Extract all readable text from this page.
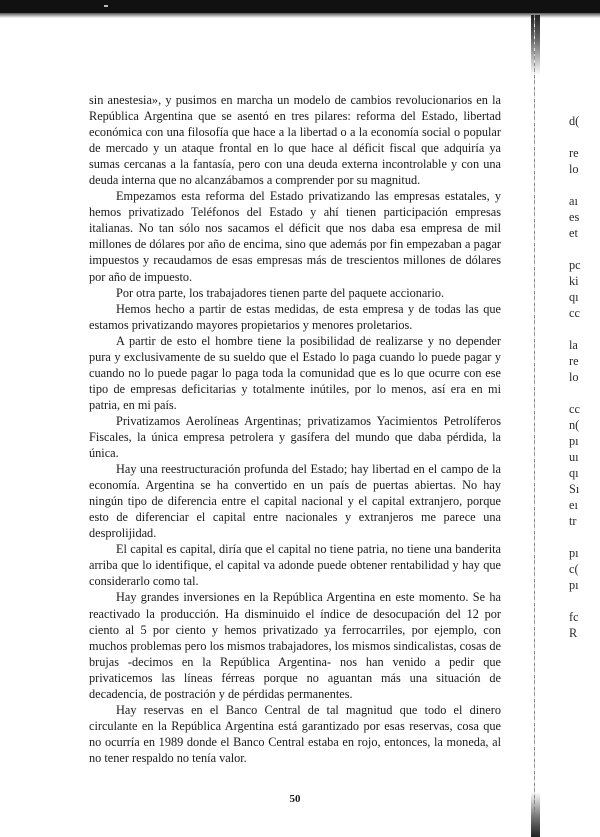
sin anestesia», y pusimos en marcha un modelo de cambios revolucionarios en la República Argentina que se asentó en tres pilares: reforma del Estado, libertad económica con una filosofía que hace a la libertad o a la economía social o popular de mercado y un ataque frontal en lo que hace al déficit fiscal que adquiría ya sumas cercanas a la fantasía, pero con una deuda externa incontrolable y con una deuda interna que no alcanzábamos a comprender por su magnitud.

Empezamos esta reforma del Estado privatizando las empresas estatales, y hemos privatizado Teléfonos del Estado y ahí tienen participación empresas italianas. No tan sólo nos sacamos el déficit que nos daba esa empresa de mil millones de dólares por año de encima, sino que además por fin empezaban a pagar impuestos y recaudamos de esas empresas más de trescientos millones de dólares por año de impuesto.

Por otra parte, los trabajadores tienen parte del paquete accionario.

Hemos hecho a partir de estas medidas, de esta empresa y de todas las que estamos privatizando mayores propietarios y menores proletarios.

A partir de esto el hombre tiene la posibilidad de realizarse y no depender pura y exclusivamente de su sueldo que el Estado lo paga cuando lo puede pagar y cuando no lo puede pagar lo paga toda la comunidad que es lo que ocurre con ese tipo de empresas deficitarias y totalmente inútiles, por lo menos, así era en mi patria, en mi país.

Privatizamos Aerolíneas Argentinas; privatizamos Yacimientos Petrolíferos Fiscales, la única empresa petrolera y gasífera del mundo que daba pérdida, la única.

Hay una reestructuración profunda del Estado; hay libertad en el campo de la economía. Argentina se ha convertido en un país de puertas abiertas. No hay ningún tipo de diferencia entre el capital nacional y el capital extranjero, porque esto de diferenciar el capital entre nacionales y extranjeros me parece una desprolijidad.

El capital es capital, diría que el capital no tiene patria, no tiene una banderita arriba que lo identifique, el capital va adonde puede obtener rentabilidad y hay que considerarlo como tal.

Hay grandes inversiones en la República Argentina en este momento. Se ha reactivado la producción. Ha disminuido el índice de desocupación del 12 por ciento al 5 por ciento y hemos privatizado ya ferrocarriles, por ejemplo, con muchos problemas pero los mismos trabajadores, los mismos sindicalistas, cosas de brujas -decimos en la República Argentina- nos han venido a pedir que privaticemos las líneas férreas porque no aguantan más una situación de decadencia, de postración y de pérdidas permanentes.

Hay reservas en el Banco Central de tal magnitud que todo el dinero circulante en la República Argentina está garantizado por esas reservas, cosa que no ocurría en 1989 donde el Banco Central estaba en rojo, entonces, la moneda, al no tener respaldo no tenía valor.

50
d(
re
lo
aı
es
et
pc
ki
qı
cc
la
re
lo
cc
n(
pı
uı
qı
Sı
eı
tr
pı
c(
pı
fc
R
